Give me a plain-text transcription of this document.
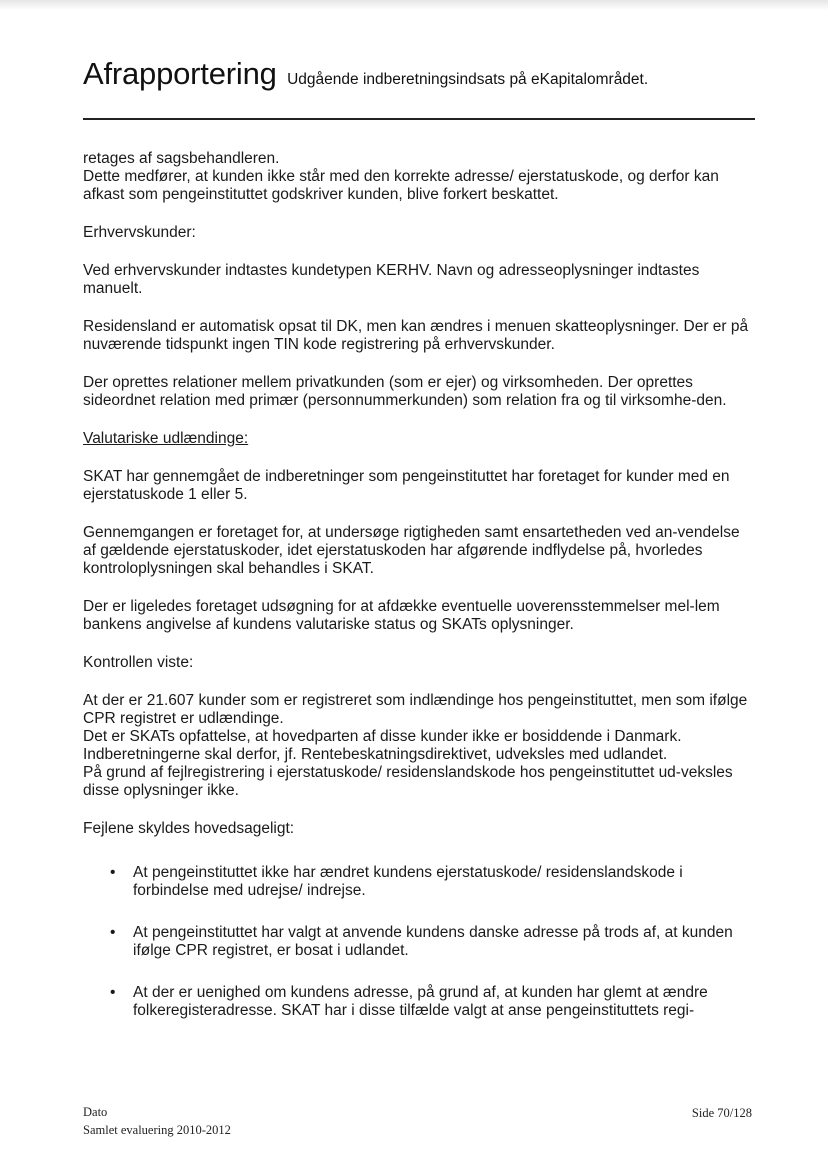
Afrapportering Udgående indberetningsindsats på eKapitalområdet.

retages af sagsbehandleren.

Dette medfører, at kunden ikke står med den korrekte adresse/ ejerstatuskode, og derfor kan afkast som pengeinstituttet godskriver kunden, blive forkert beskattet.

Erhvervskunder:

Ved erhvervskunder indtastes kundetypen KERHV. Navn og adresseoplysninger indtastes manuelt.

Residensland er automatisk opsat til DK, men kan ændres i menuen skatteoplysninger. Der er på nuværende tidspunkt ingen TIN kode registrering på erhvervskunder.

Der oprettes relationer mellem privatkunden (som er ejer) og virksomheden. Der oprettes sideordnet relation med primær (personnummerkunden) som relation fra og til virksomhe-den.

Valutariske udlændinge:

SKAT har gennemgået de indberetninger som pengeinstituttet har foretaget for kunder med en ejerstatuskode 1 eller 5.

Gennemgangen er foretaget for, at undersøge rigtigheden samt ensartetheden ved an-vendelse af gældende ejerstatuskoder, idet ejerstatuskoden har afgørende indflydelse på, hvorledes kontroloplysningen skal behandles i SKAT.

Der er ligeledes foretaget udsøgning for at afdække eventuelle uoverensstemmelser mel-lem bankens angivelse af kundens valutariske status og SKATs oplysninger.

Kontrollen viste:

At der er 21.607 kunder som er registreret som indlændinge hos pengeinstituttet, men som ifølge CPR registret er udlændinge.

Det er SKATs opfattelse, at hovedparten af disse kunder ikke er bosiddende i Danmark.

Indberetningerne skal derfor, jf. Rentebeskatningsdirektivet, udveksles med udlandet.

På grund af fejlregistrering i ejerstatuskode/ residenslandskode hos pengeinstituttet ud-veksles disse oplysninger ikke.

Fejlene skyldes hovedsageligt:

• At pengeinstituttet ikke har ændret kundens ejerstatuskode/ residenslandskode i forbindelse med udrejse/ indrejse.
• At pengeinstituttet har valgt at anvende kundens danske adresse på trods af, at kunden ifølge CPR registret, er bosat i udlandet.
• At der er uenighed om kundens adresse, på grund af, at kunden har glemt at ændre folkeregisteradresse. SKAT har i disse tilfælde valgt at anse pengeinstituttets regi-
Dato
Samlet evaluering 2010-2012
Side 70/128
